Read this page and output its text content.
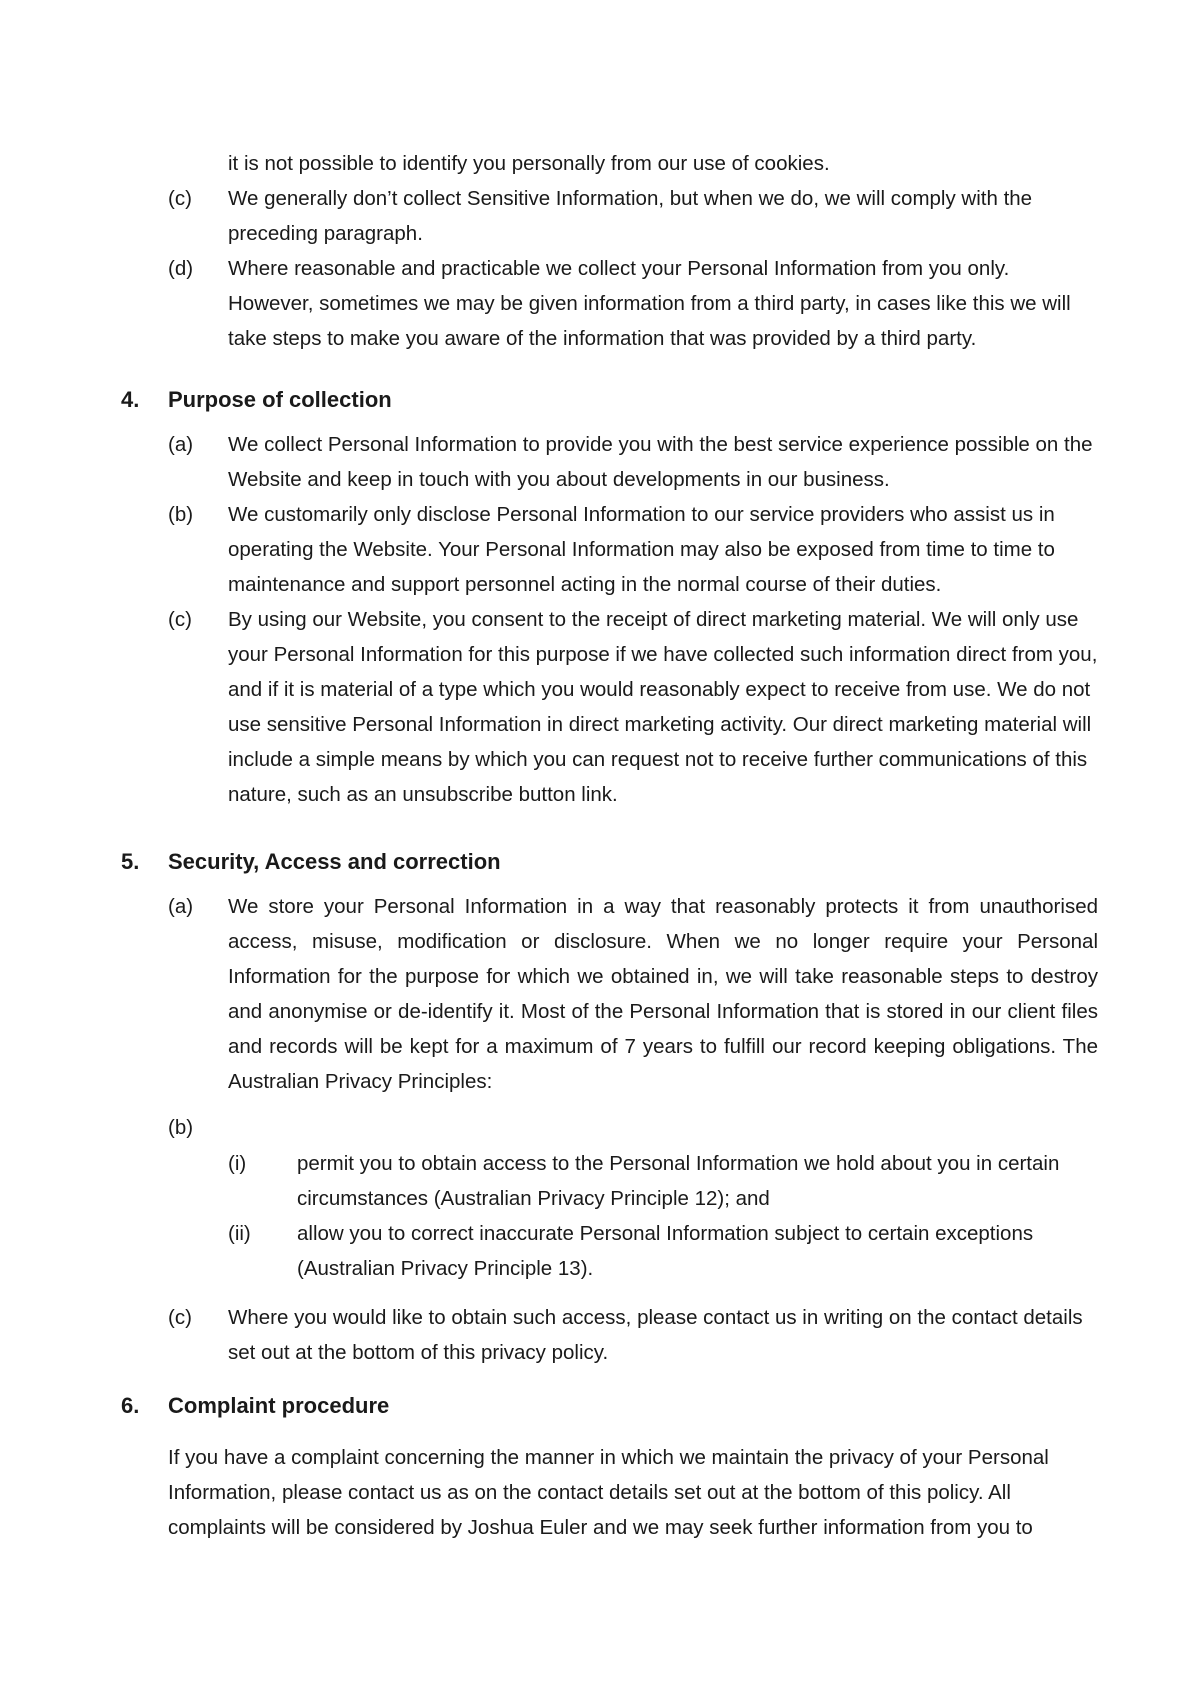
it is not possible to identify you personally from our use of cookies.

(c) We generally don’t collect Sensitive Information, but when we do, we will comply with the preceding paragraph.

(d) Where reasonable and practicable we collect your Personal Information from you only. However, sometimes we may be given information from a third party, in cases like this we will take steps to make you aware of the information that was provided by a third party.

4. Purpose of collection
(a) We collect Personal Information to provide you with the best service experience possible on the Website and keep in touch with you about developments in our business.

(b) We customarily only disclose Personal Information to our service providers who assist us in operating the Website. Your Personal Information may also be exposed from time to time to maintenance and support personnel acting in the normal course of their duties.

(c) By using our Website, you consent to the receipt of direct marketing material. We will only use your Personal Information for this purpose if we have collected such information direct from you, and if it is material of a type which you would reasonably expect to receive from use. We do not use sensitive Personal Information in direct marketing activity. Our direct marketing material will include a simple means by which you can request not to receive further communications of this nature, such as an unsubscribe button link.

5. Security, Access and correction
(a) We store your Personal Information in a way that reasonably protects it from unauthorised access, misuse, modification or disclosure. When we no longer require your Personal Information for the purpose for which we obtained in, we will take reasonable steps to destroy and anonymise or de-identify it. Most of the Personal Information that is stored in our client files and records will be kept for a maximum of 7 years to fulfill our record keeping obligations. The Australian Privacy Principles:

(b)
(i) permit you to obtain access to the Personal Information we hold about you in certain circumstances (Australian Privacy Principle 12); and

(ii) allow you to correct inaccurate Personal Information subject to certain exceptions (Australian Privacy Principle 13).

(c) Where you would like to obtain such access, please contact us in writing on the contact details set out at the bottom of this privacy policy.

6. Complaint procedure

If you have a complaint concerning the manner in which we maintain the privacy of your Personal Information, please contact us as on the contact details set out at the bottom of this policy. All complaints will be considered by Joshua Euler and we may seek further information from you to
